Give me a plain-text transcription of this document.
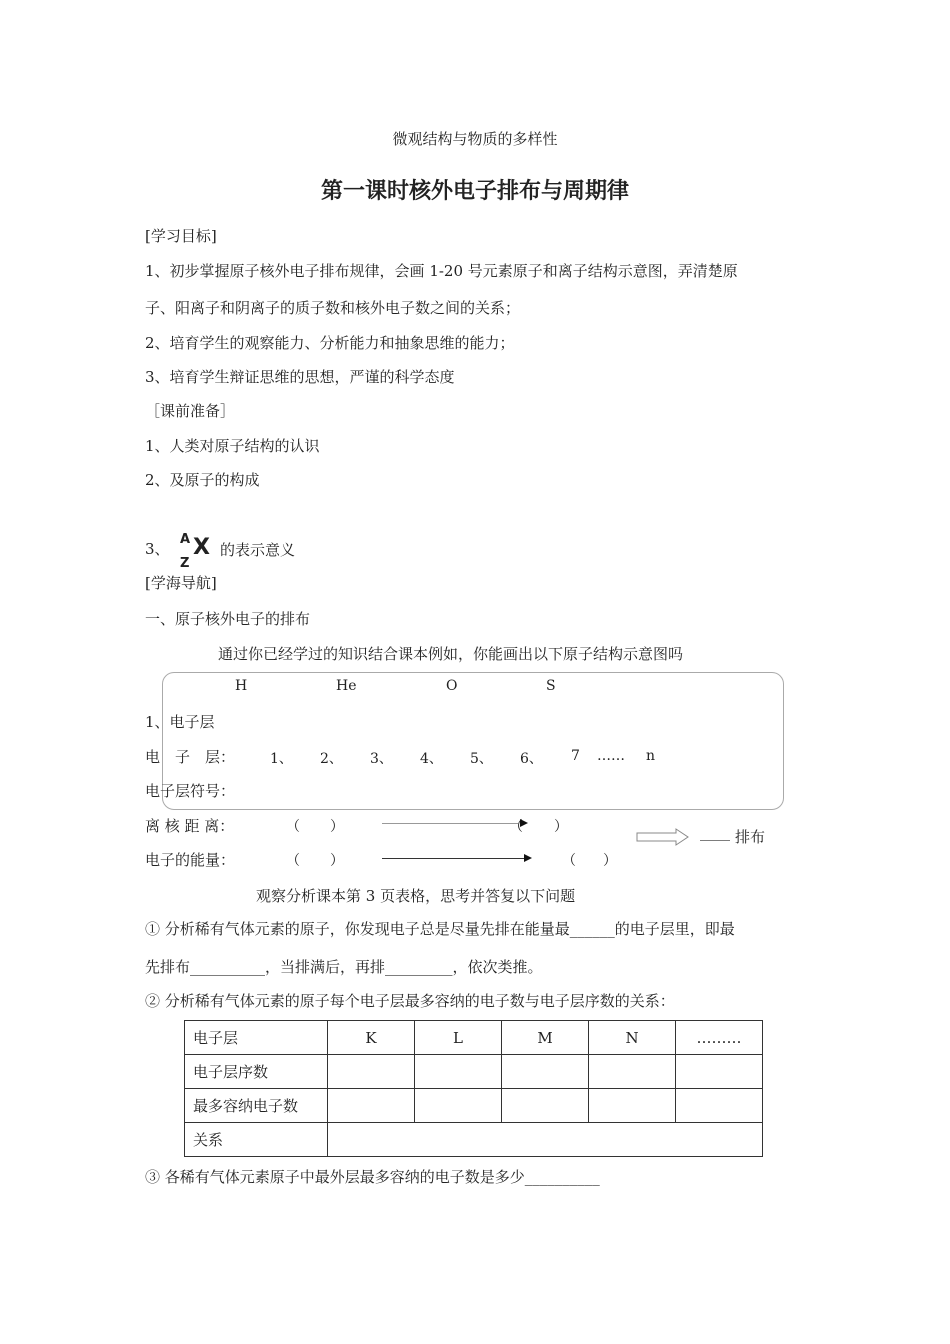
微观结构与物质的多样性
第一课时核外电子排布与周期律
[学习目标]
1、初步掌握原子核外电子排布规律，会画 1-20 号元素原子和离子结构示意图，弄清楚原
子、阳离子和阴离子的质子数和核外电子数之间的关系；
2、培育学生的观察能力、分析能力和抽象思维的能力；
3、培育学生辩证思维的思想，严谨的科学态度
［课前准备］
1、人类对原子结构的认识
2、及原子的构成
3、
A
Z
X 的表示意义
[学海导航]
一、原子核外电子的排布
通过你已经学过的知识结合课本例如，你能画出以下原子结构示意图吗
H	He	O	S
1、电子层
电　子　层： 1、 2、 3、 4、 5、 6、 7 …… n
电子层符号：
离 核 距 离：	（ ）	（ ）	____ 排布
电子的能量：	（ ）	（ ）
观察分析课本第 3 页表格，思考并答复以下问题
① 分析稀有气体元素的原子，你发现电子总是尽量先排在能量最______的电子层里，即最
先排布__________，当排满后，再排_________，依次类推。
② 分析稀有气体元素的原子每个电子层最多容纳的电子数与电子层序数的关系：
电子层	K	L	M	N	………
电子层序数					
最多容纳电子数					
关系					
③ 各稀有气体元素原子中最外层最多容纳的电子数是多少__________
